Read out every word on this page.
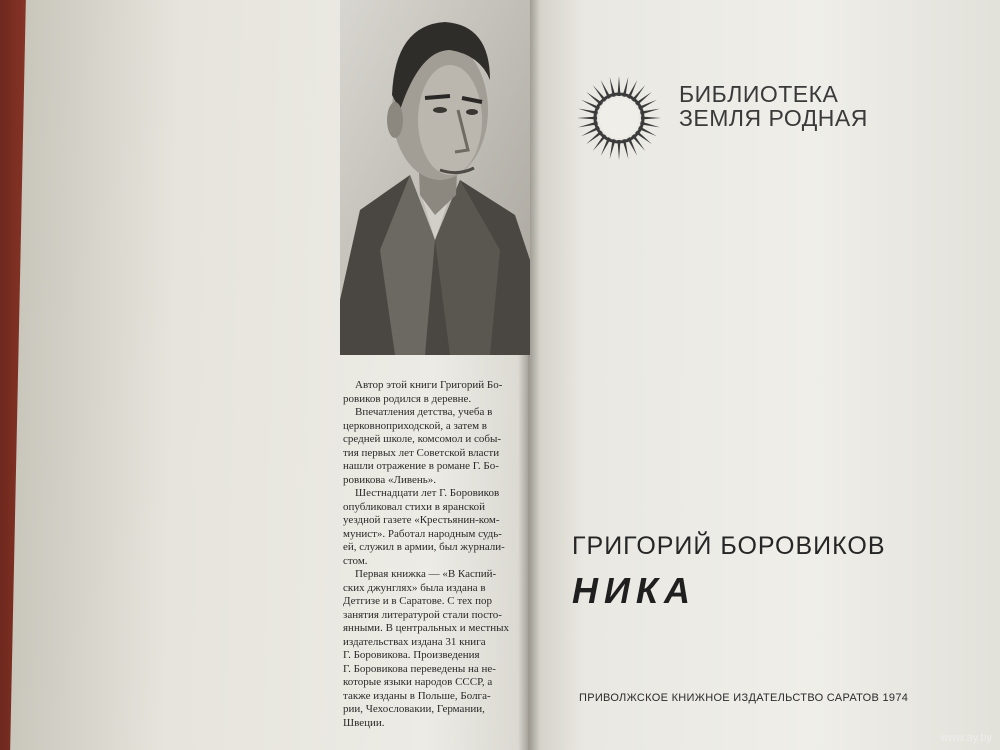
Автор этой книги Григорий Бо-

ровиков родился в деревне.

Впечатления детства, учеба в

церковноприходской, а затем в

средней школе, комсомол и собы-

тия первых лет Советской власти

нашли отражение в романе Г. Бо-

ровикова «Ливень».

Шестнадцати лет Г. Боровиков

опубликовал стихи в яранской

уездной газете «Крестьянин-ком-

мунист». Работал народным судь-

ей, служил в армии, был журнали-

стом.

Первая книжка — «В Каспий-

ских джунглях» была издана в

Детгизе и в Саратове. С тех пор

занятия литературой стали посто-

янными. В центральных и местных

издательствах издана 31 книга

Г. Боровикова. Произведения

Г. Боровикова переведены на не-

которые языки народов СССР, а

также изданы в Польше, Болга-

рии, Чехословакии, Германии,

Швеции.

БИБЛИОТЕКА
ЗЕМЛЯ РОДНАЯ
ГРИГОРИЙ БОРОВИКОВ
НИКА
ПРИВОЛЖСКОЕ КНИЖНОЕ ИЗДАТЕЛЬСТВО САРАТОВ 1974
www.ay.by
